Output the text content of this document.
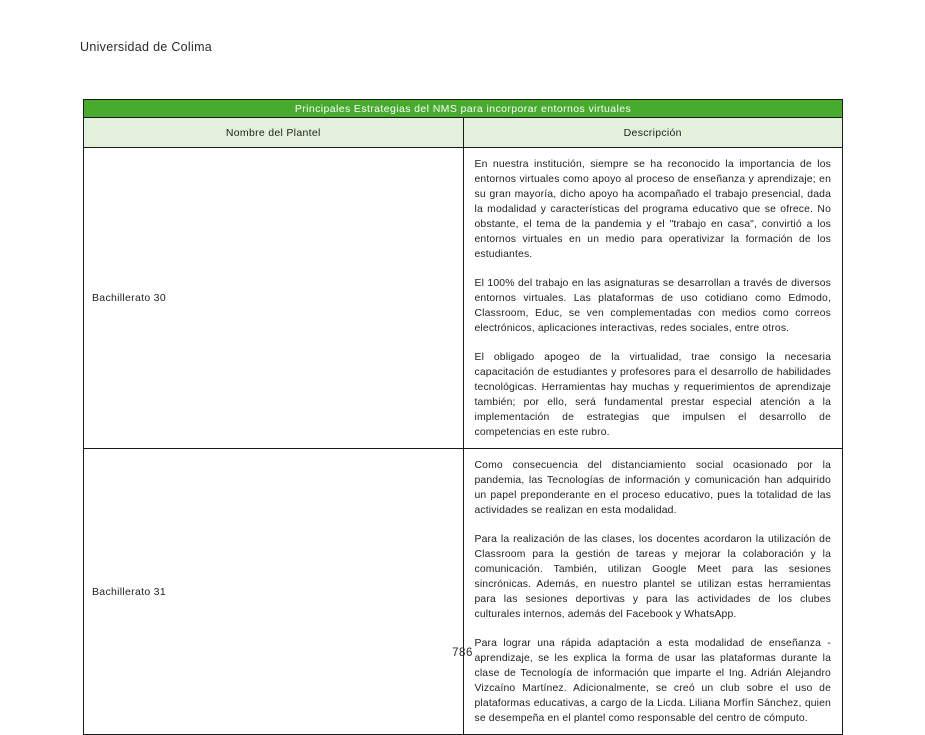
Universidad de Colima
Principales Estrategias del NMS para incorporar entornos virtuales	
Nombre del Plantel	Descripción
Bachillerato 30	En nuestra institución, siempre se ha reconocido la importancia de los entornos virtuales como apoyo al proceso de enseñanza y aprendizaje; en su gran mayoría, dicho apoyo ha acompañado el trabajo presencial, dada la modalidad y características del programa educativo que se ofrece. No obstante, el tema de la pandemia y el "trabajo en casa", convirtió a los entornos virtuales en un medio para operativizar la formación de los estudiantes.

El 100% del trabajo en las asignaturas se desarrollan a través de diversos entornos virtuales. Las plataformas de uso cotidiano como Edmodo, Classroom, Educ, se ven complementadas con medios como correos electrónicos, aplicaciones interactivas, redes sociales, entre otros.

El obligado apogeo de la virtualidad, trae consigo la necesaria capacitación de estudiantes y profesores para el desarrollo de habilidades tecnológicas. Herramientas hay muchas y requerimientos de aprendizaje también; por ello, será fundamental prestar especial atención a la implementación de estrategias que impulsen el desarrollo de competencias en este rubro.

Bachillerato 31	Como consecuencia del distanciamiento social ocasionado por la pandemia, las Tecnologías de información y comunicación han adquirido un papel preponderante en el proceso educativo, pues la totalidad de las actividades se realizan en esta modalidad.

Para la realización de las clases, los docentes acordaron la utilización de Classroom para la gestión de tareas y mejorar la colaboración y la comunicación. También, utilizan Google Meet para las sesiones sincrónicas. Además, en nuestro plantel se utilizan estas herramientas para las sesiones deportivas y para las actividades de los clubes culturales internos, además del Facebook y WhatsApp.

Para lograr una rápida adaptación a esta modalidad de enseñanza - aprendizaje, se les explica la forma de usar las plataformas durante la clase de Tecnología de información que imparte el Ing. Adrián Alejandro Vizcaíno Martínez. Adicionalmente, se creó un club sobre el uso de plataformas educativas, a cargo de la Licda. Liliana Morfín Sánchez, quien se desempeña en el plantel como responsable del centro de cómputo.

786
